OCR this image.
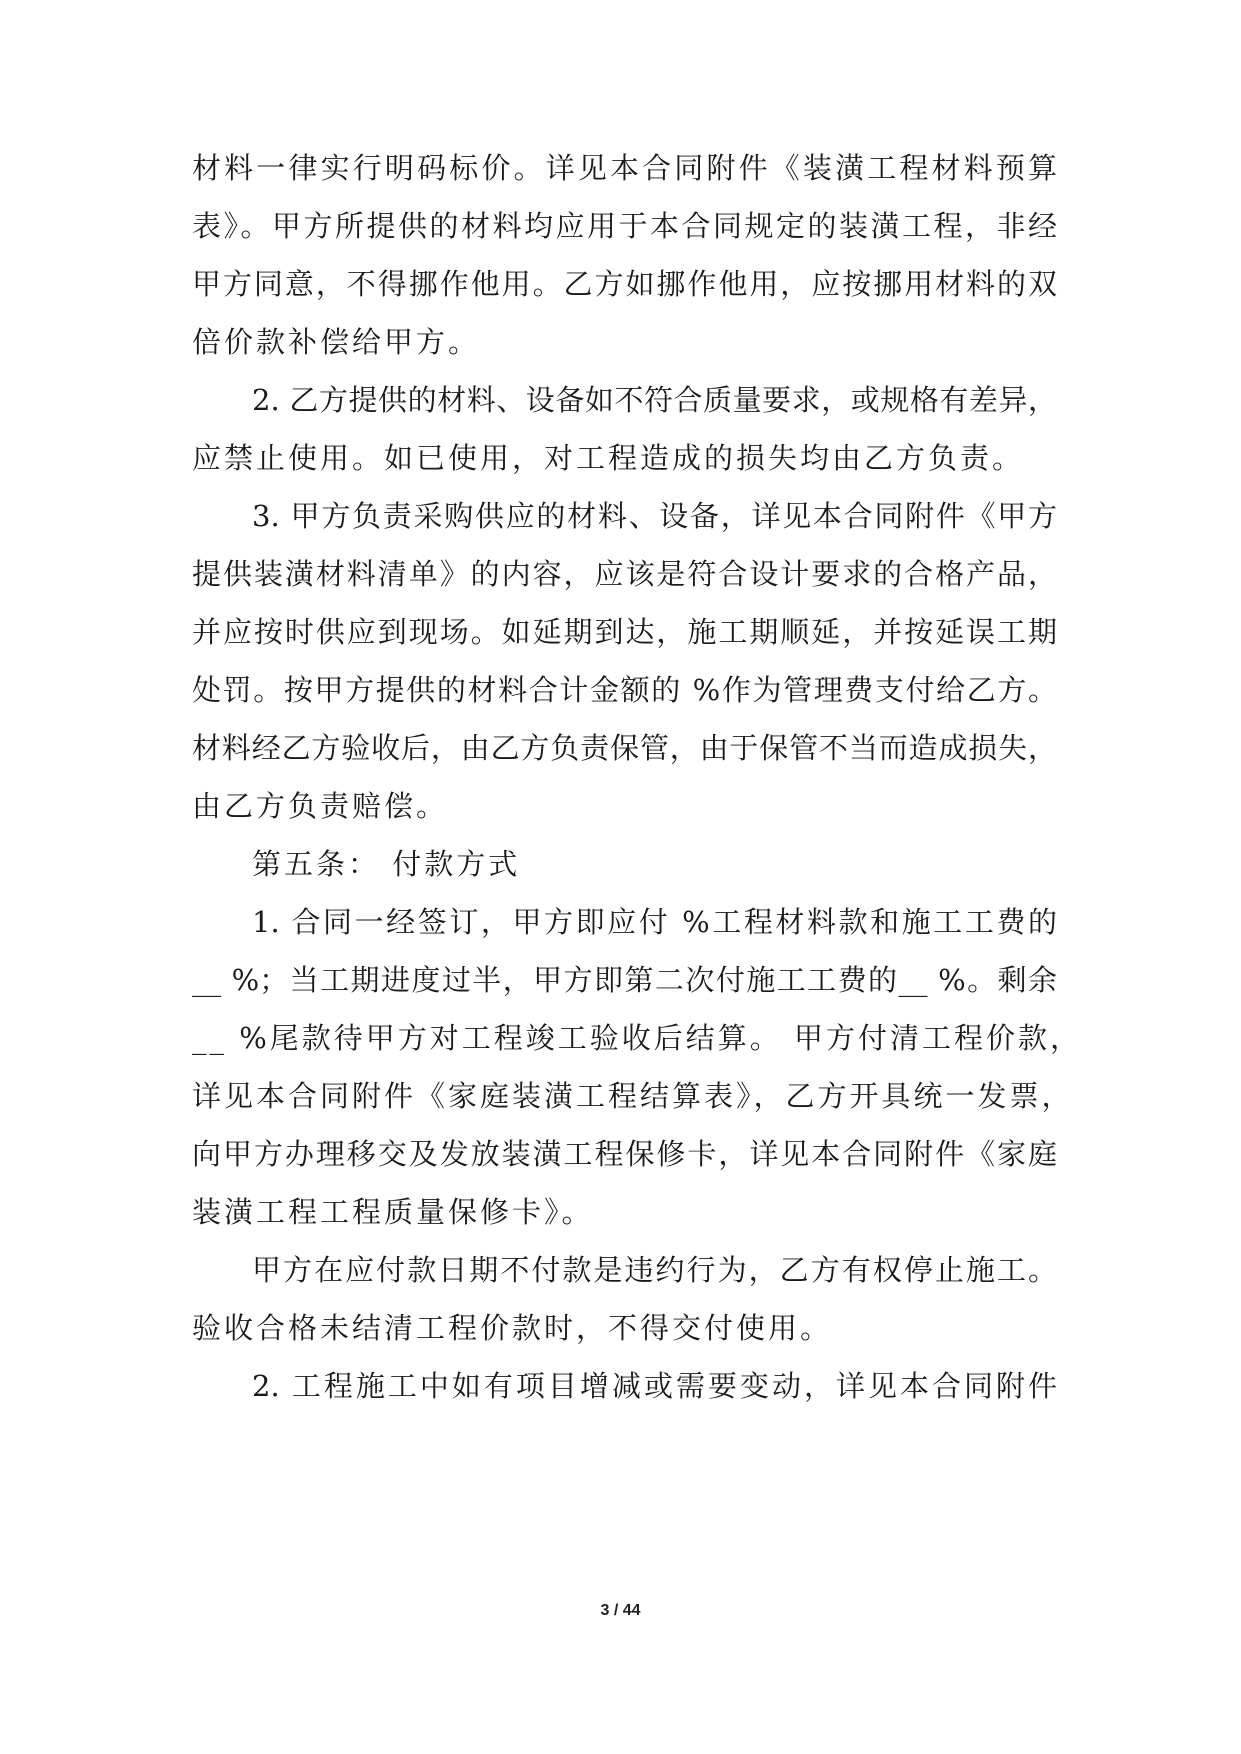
材料一律实行明码标价。详见本合同附件《装潢工程材料预算
表》。甲方所提供的材料均应用于本合同规定的装潢工程，非经
甲方同意，不得挪作他用。乙方如挪作他用，应按挪用材料的双
倍价款补偿给甲方。
2. 乙方提供的材料、设备如不符合质量要求，或规格有差异，
应禁止使用。如已使用，对工程造成的损失均由乙方负责。
3. 甲方负责采购供应的材料、设备，详见本合同附件《甲方
提供装潢材料清单》的内容，应该是符合设计要求的合格产品，
并应按时供应到现场。如延期到达，施工期顺延，并按延误工期
处罚。按甲方提供的材料合计金额的 %作为管理费支付给乙方。
材料经乙方验收后，由乙方负责保管，由于保管不当而造成损失，
由乙方负责赔偿。
第五条： 付款方式
1. 合同一经签订，甲方即应付 %工程材料款和施工工费的
__ %；当工期进度过半，甲方即第二次付施工工费的__ %。剩余
__ %尾款待甲方对工程竣工验收后结算。 甲方付清工程价款，
详见本合同附件《家庭装潢工程结算表》，乙方开具统一发票，
向甲方办理移交及发放装潢工程保修卡，详见本合同附件《家庭
装潢工程工程质量保修卡》。
甲方在应付款日期不付款是违约行为，乙方有权停止施工。
验收合格未结清工程价款时，不得交付使用。
2. 工程施工中如有项目增减或需要变动，详见本合同附件
3 / 44
